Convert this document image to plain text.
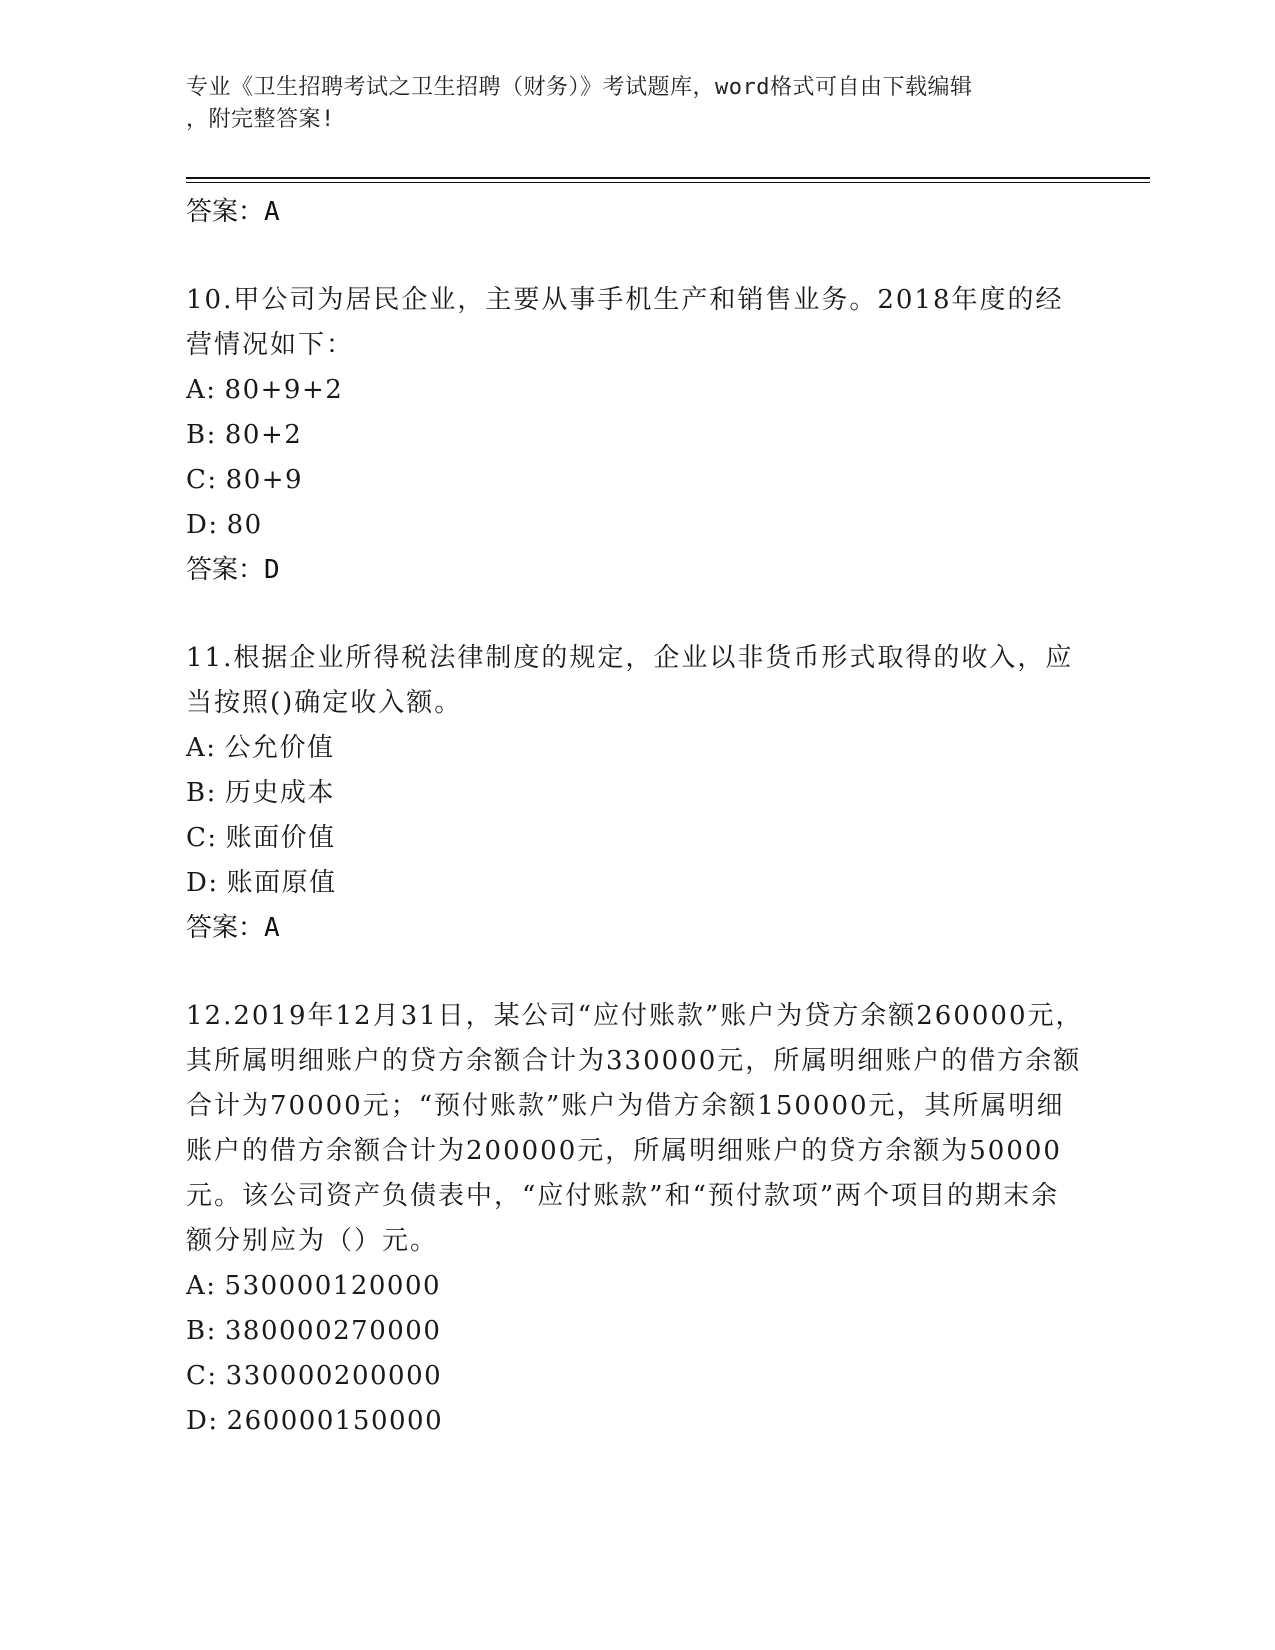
专业《卫生招聘考试之卫生招聘（财务）》考试题库，word格式可自由下载编辑
，附完整答案!
答案：A
10.甲公司为居民企业，主要从事手机生产和销售业务。2018年度的经营情况如下：
A: 80+9+2
B: 80+2
C: 80+9
D: 80
答案：D
11.根据企业所得税法律制度的规定，企业以非货币形式取得的收入，应当按照()确定收入额。
A: 公允价值
B: 历史成本
C: 账面价值
D: 账面原值
答案：A
12.2019年12月31日，某公司“应付账款”账户为贷方余额260000元，其所属明细账户的贷方余额合计为330000元，所属明细账户的借方余额合计为70000元；“预付账款”账户为借方余额150000元，其所属明细账户的借方余额合计为200000元，所属明细账户的贷方余额为50000元。该公司资产负债表中，“应付账款”和“预付款项”两个项目的期末余额分别应为（）元。
A: 530000120000
B: 380000270000
C: 330000200000
D: 260000150000
